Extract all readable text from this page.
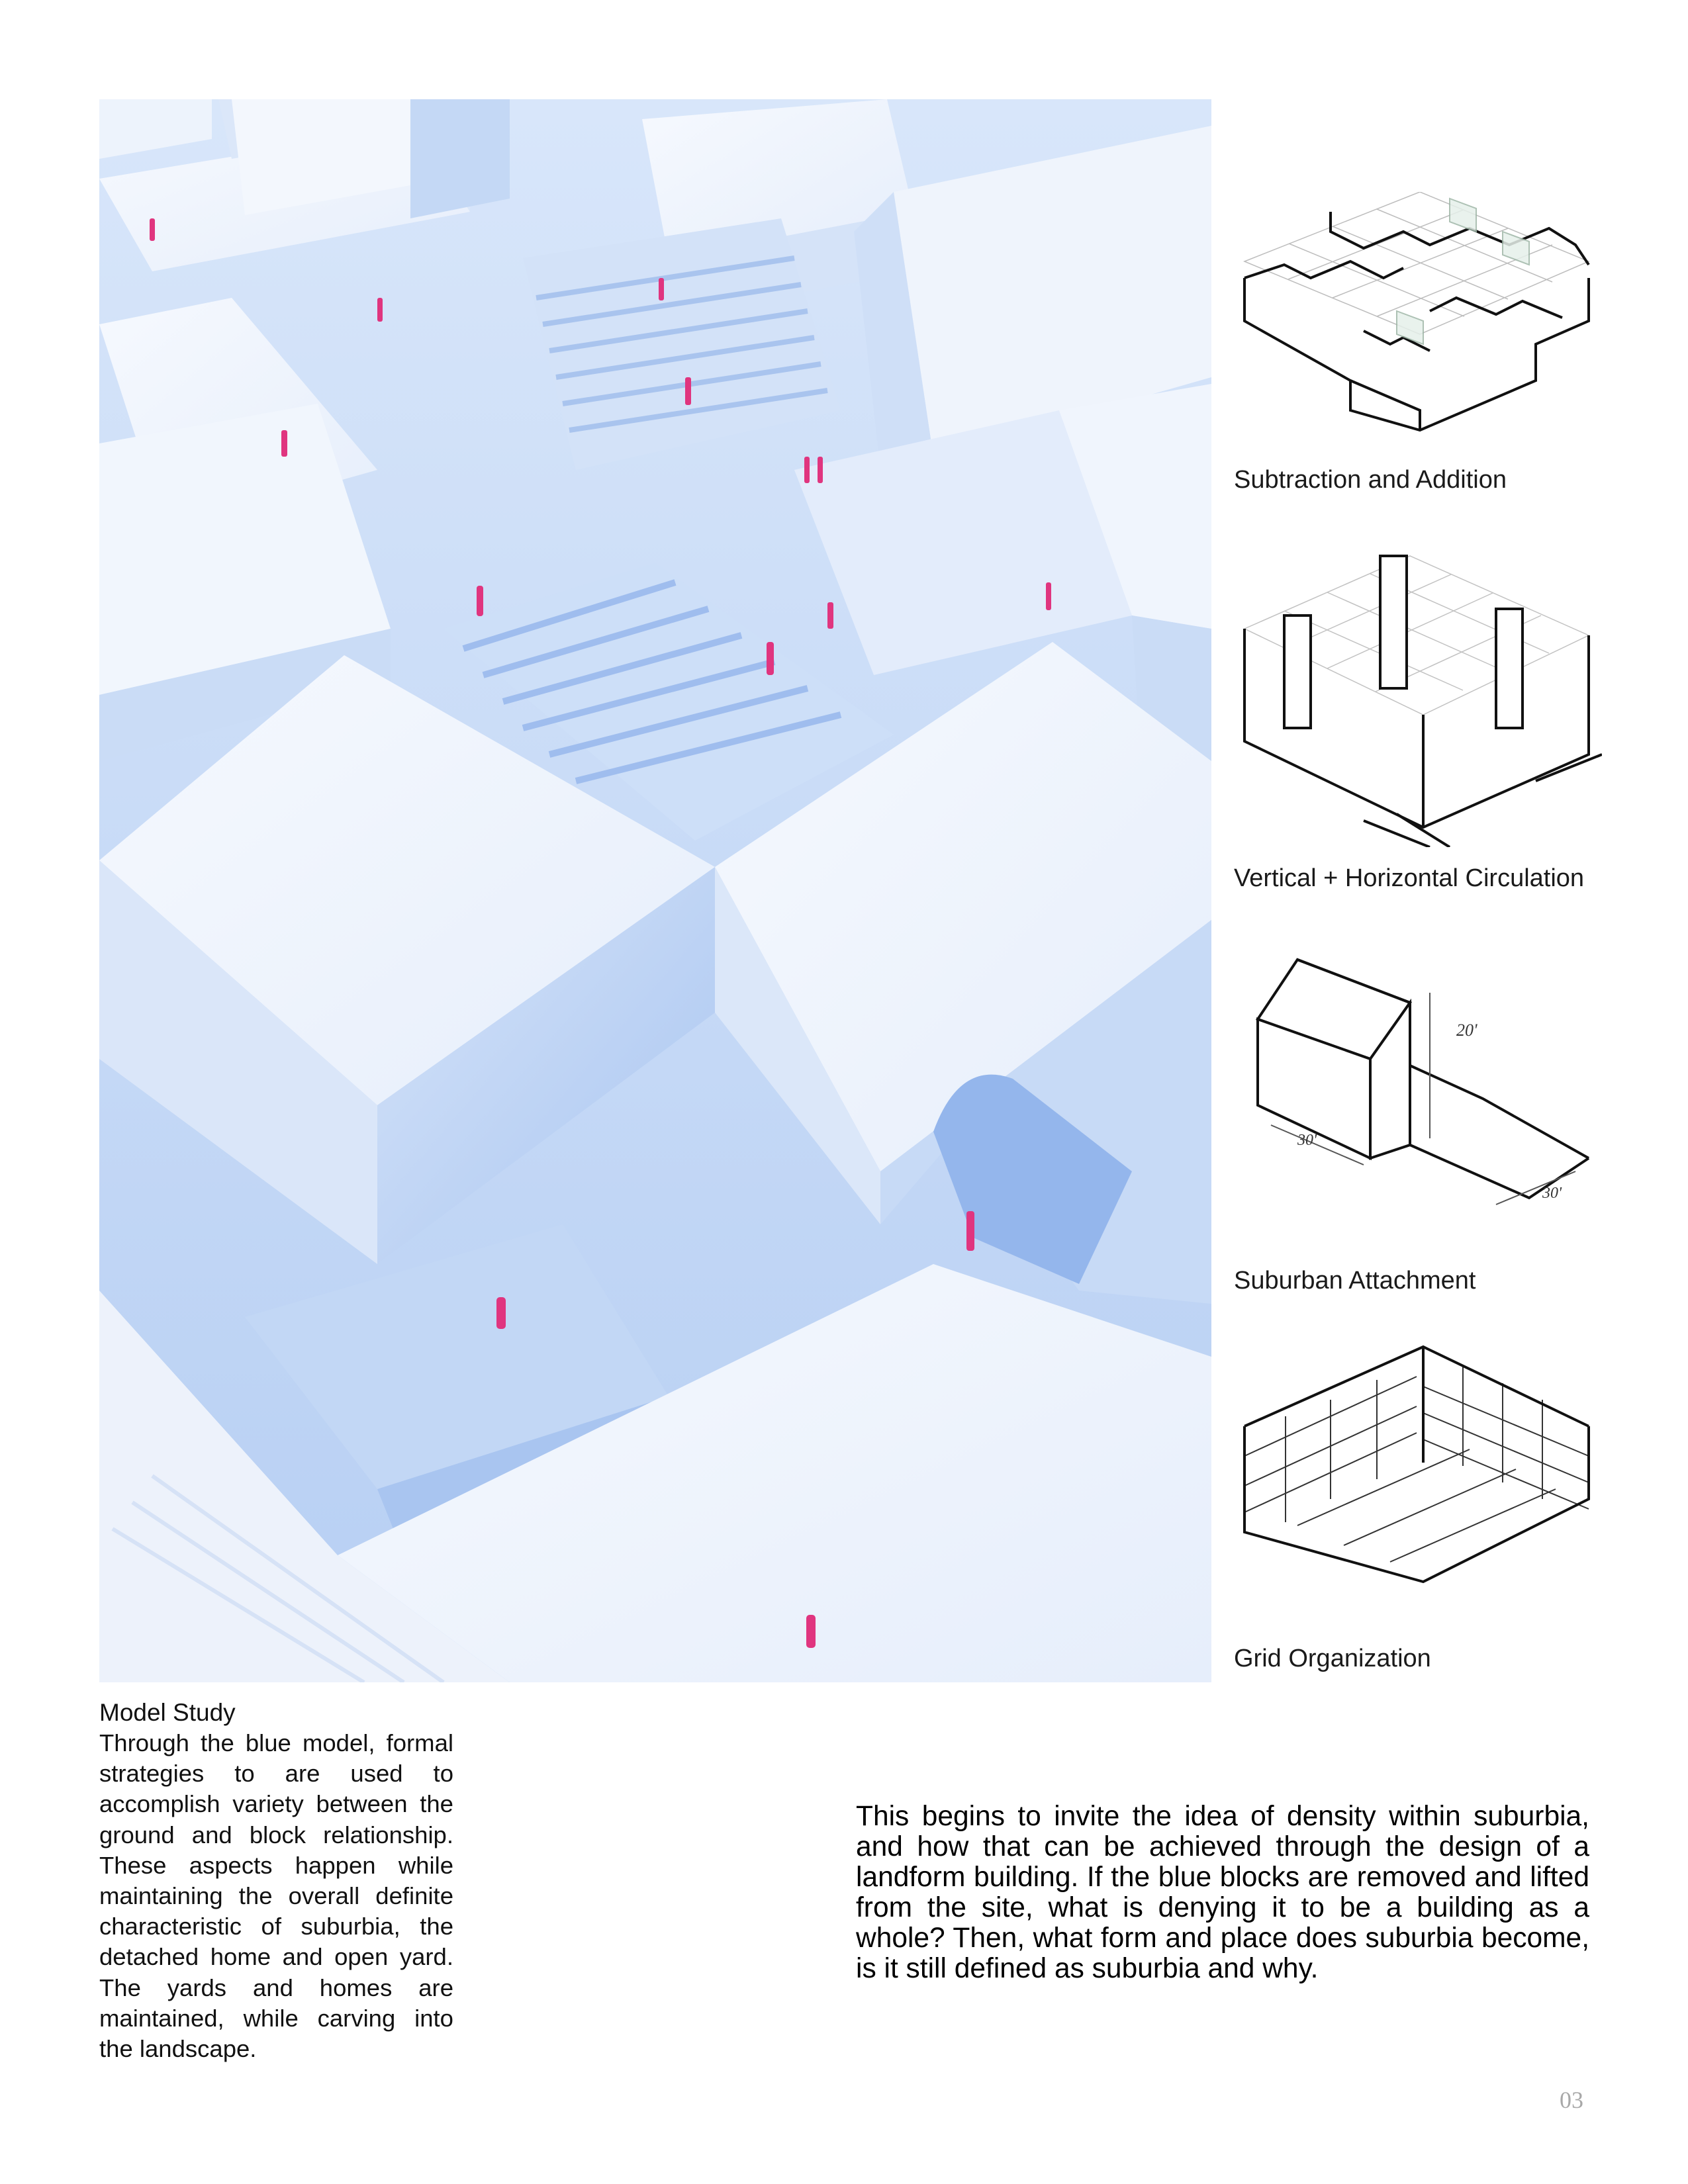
Subtraction and Addition
Vertical + Horizontal Circulation
20'
30'
30'
Suburban Attachment
Grid Organization
Model Study
Through the blue model, formal strategies to are used to accomplish variety between the ground and block relationship. These aspects happen while maintaining the overall definite characteristic of suburbia, the detached home and open yard. The yards and homes are maintained, while carving into the landscape.
This begins to invite the idea of density within suburbia, and how that can be achieved through the design of a landform building. If the blue blocks are removed and lifted from the site, what is denying it to be a building as a whole? Then, what form and place does suburbia become, is it still defined as suburbia and why.
03
